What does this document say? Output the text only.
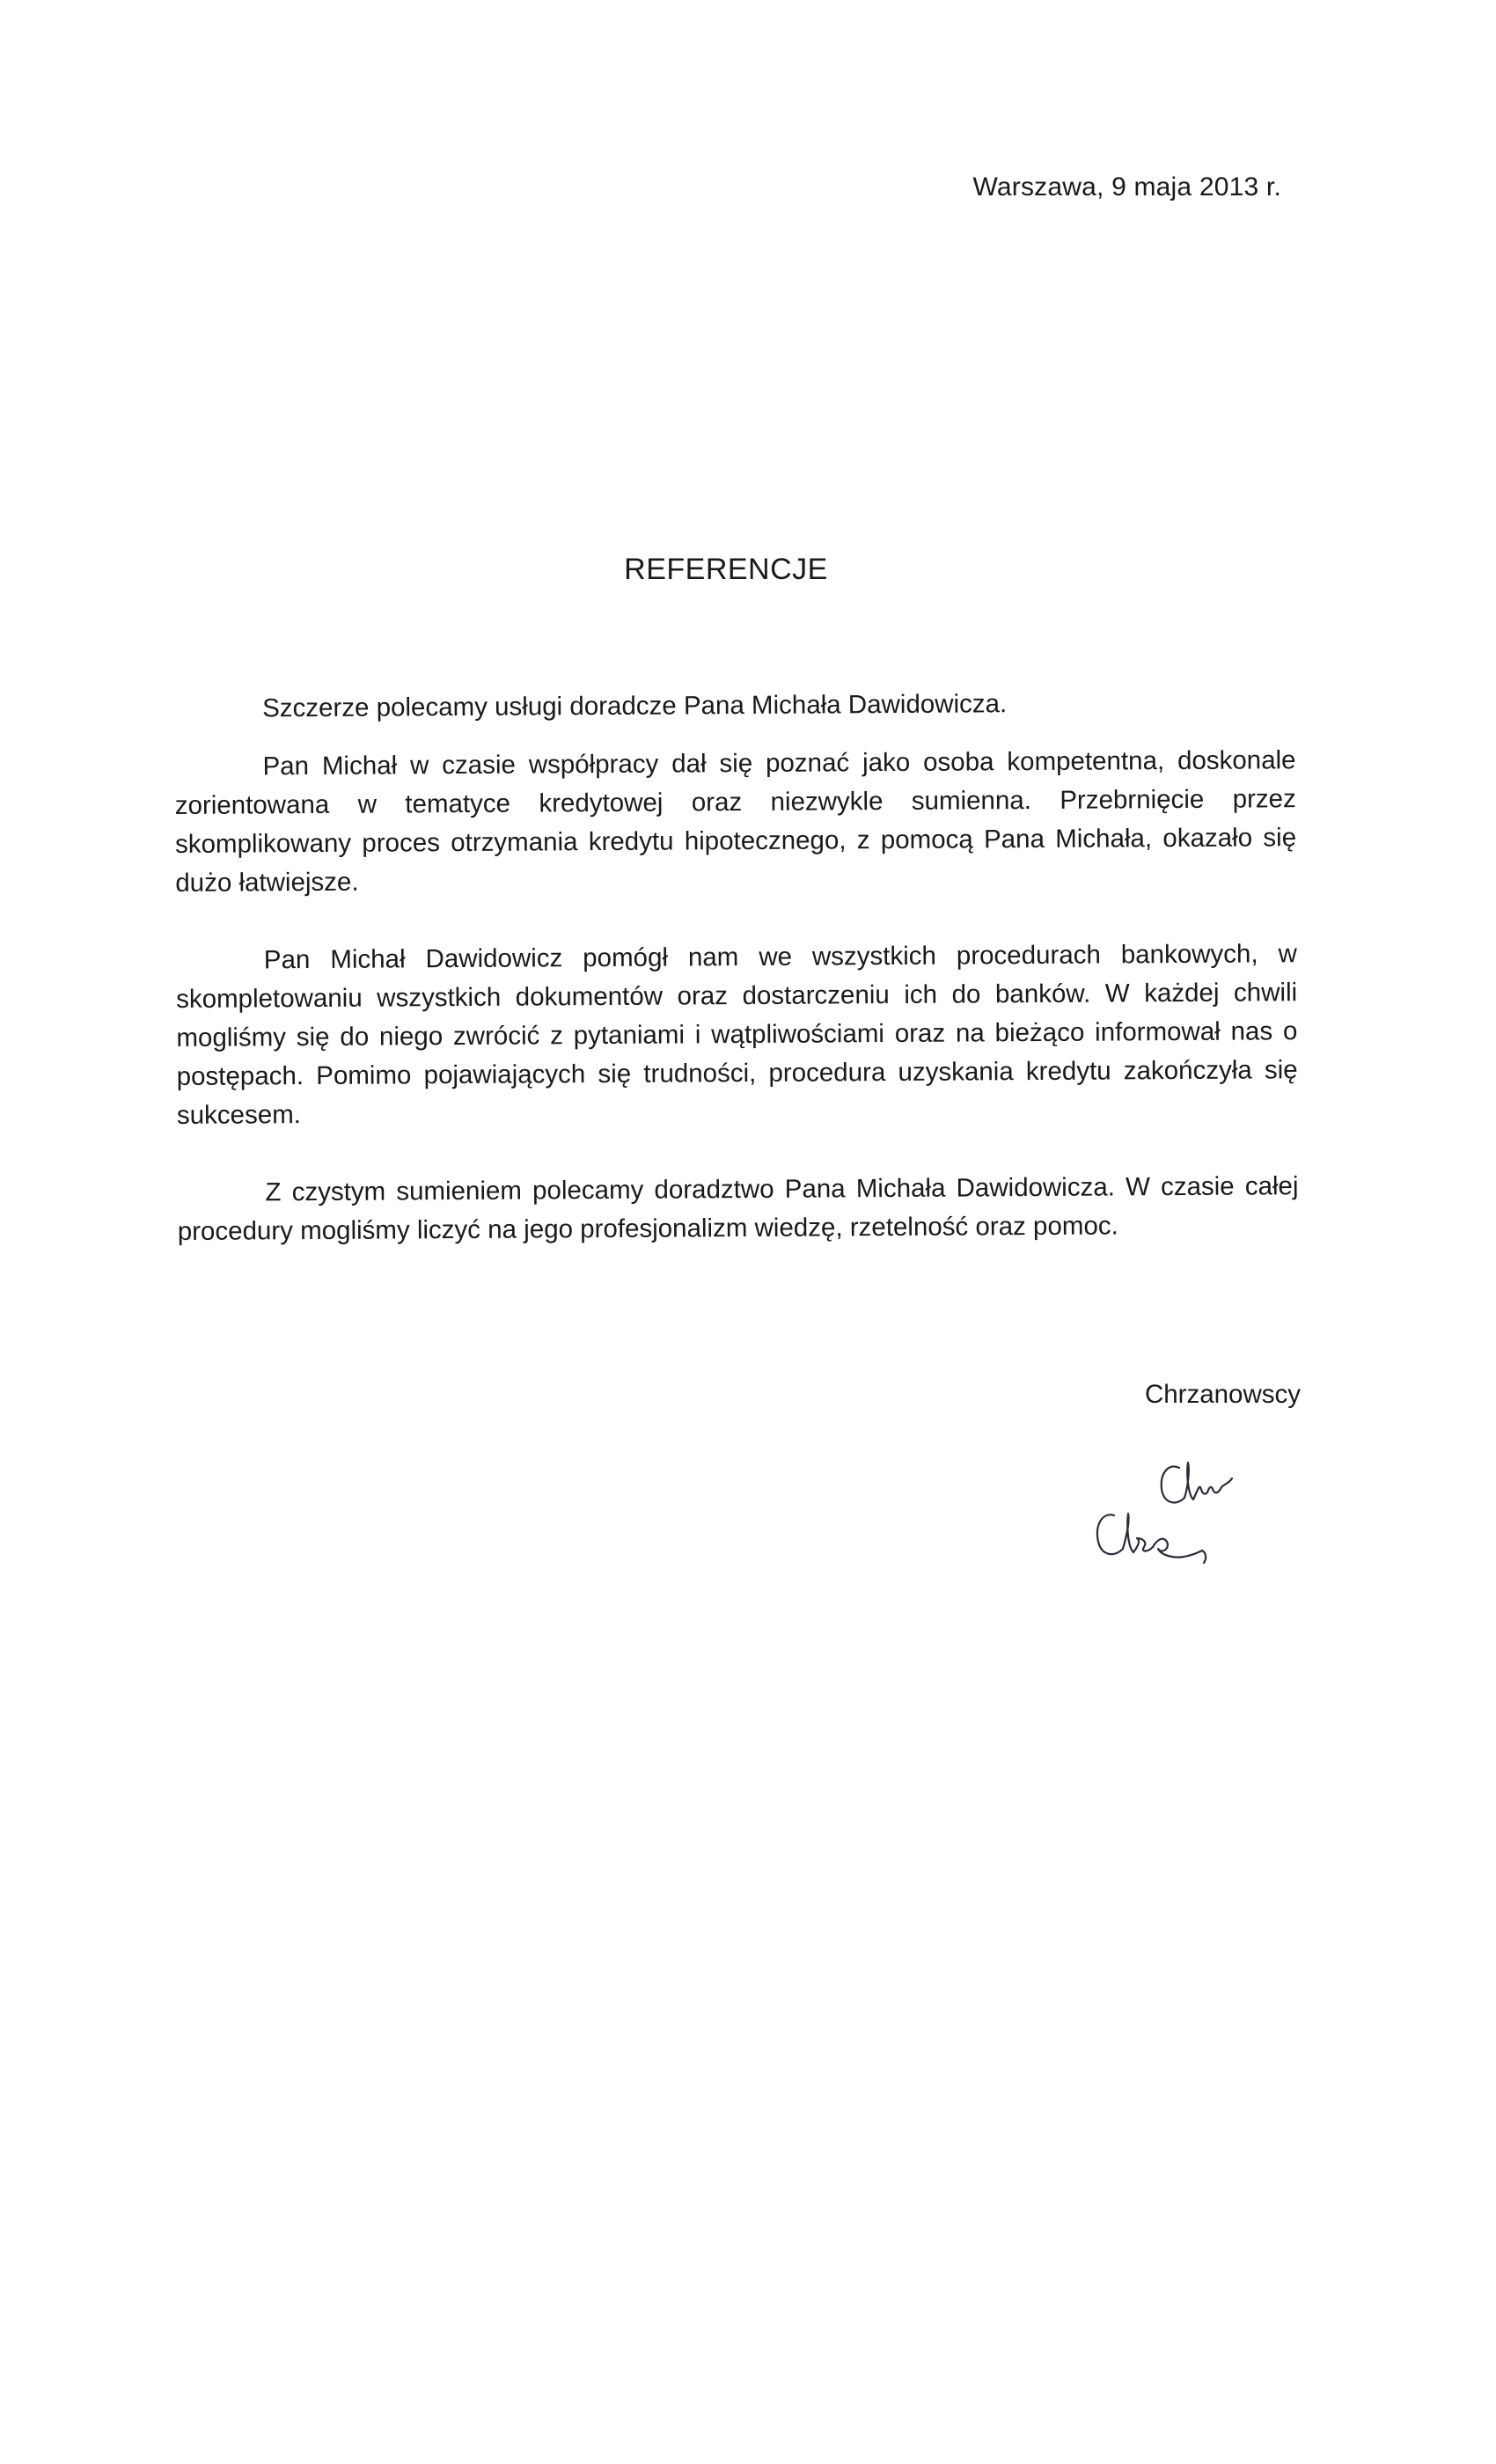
Warszawa, 9 maja 2013 r.
REFERENCJE

Szczerze polecamy usługi doradcze Pana Michała Dawidowicza.

Pan Michał w czasie współpracy dał się poznać jako osoba kompetentna, doskonale zorientowana w tematyce kredytowej oraz niezwykle sumienna. Przebrnięcie przez skomplikowany proces otrzymania kredytu hipotecznego, z pomocą Pana Michała, okazało się dużo łatwiejsze.

Pan Michał Dawidowicz pomógł nam we wszystkich procedurach bankowych, w skompletowaniu wszystkich dokumentów oraz dostarczeniu ich do banków. W każdej chwili mogliśmy się do niego zwrócić z pytaniami i wątpliwościami oraz na bieżąco informował nas o postępach. Pomimo pojawiających się trudności, procedura uzyskania kredytu zakończyła się sukcesem.

Z czystym sumieniem polecamy doradztwo Pana Michała Dawidowicza. W czasie całej procedury mogliśmy liczyć na jego profesjonalizm wiedzę, rzetelność oraz pomoc.

Chrzanowscy
